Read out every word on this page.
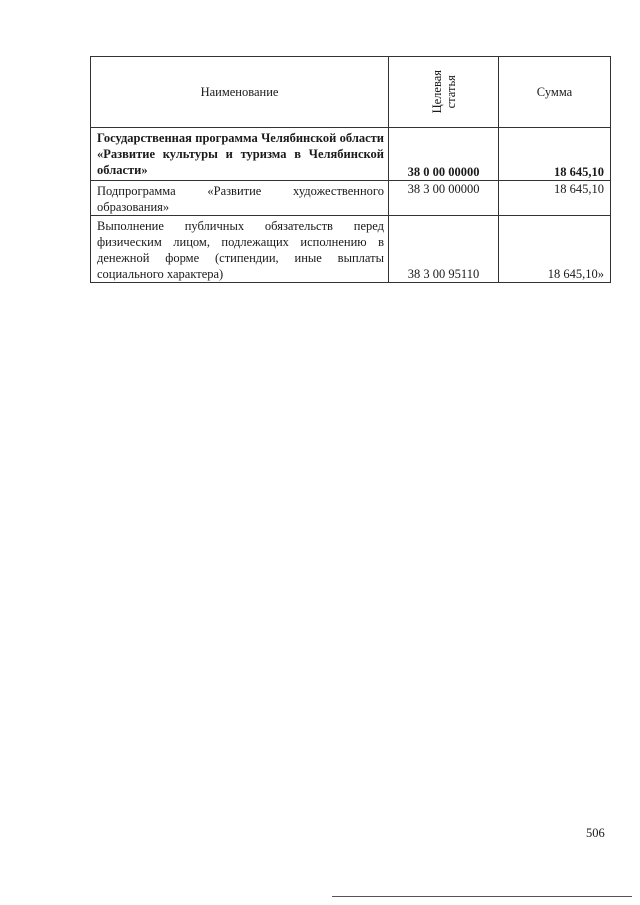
Наименование	Целевая статья	Сумма
Государственная программа Челябинской области «Развитие культуры и туризма в Челябинской области»	38 0 00 00000	18 645,10

Подпрограмма «Развитие художественного образования»	38 3 00 00000	18 645,10

Выполнение публичных обязательств перед физическим лицом, подлежащих исполнению в денежной форме (стипендии, иные выплаты социального характера)	38 3 00 95110	18 645,10»
506
